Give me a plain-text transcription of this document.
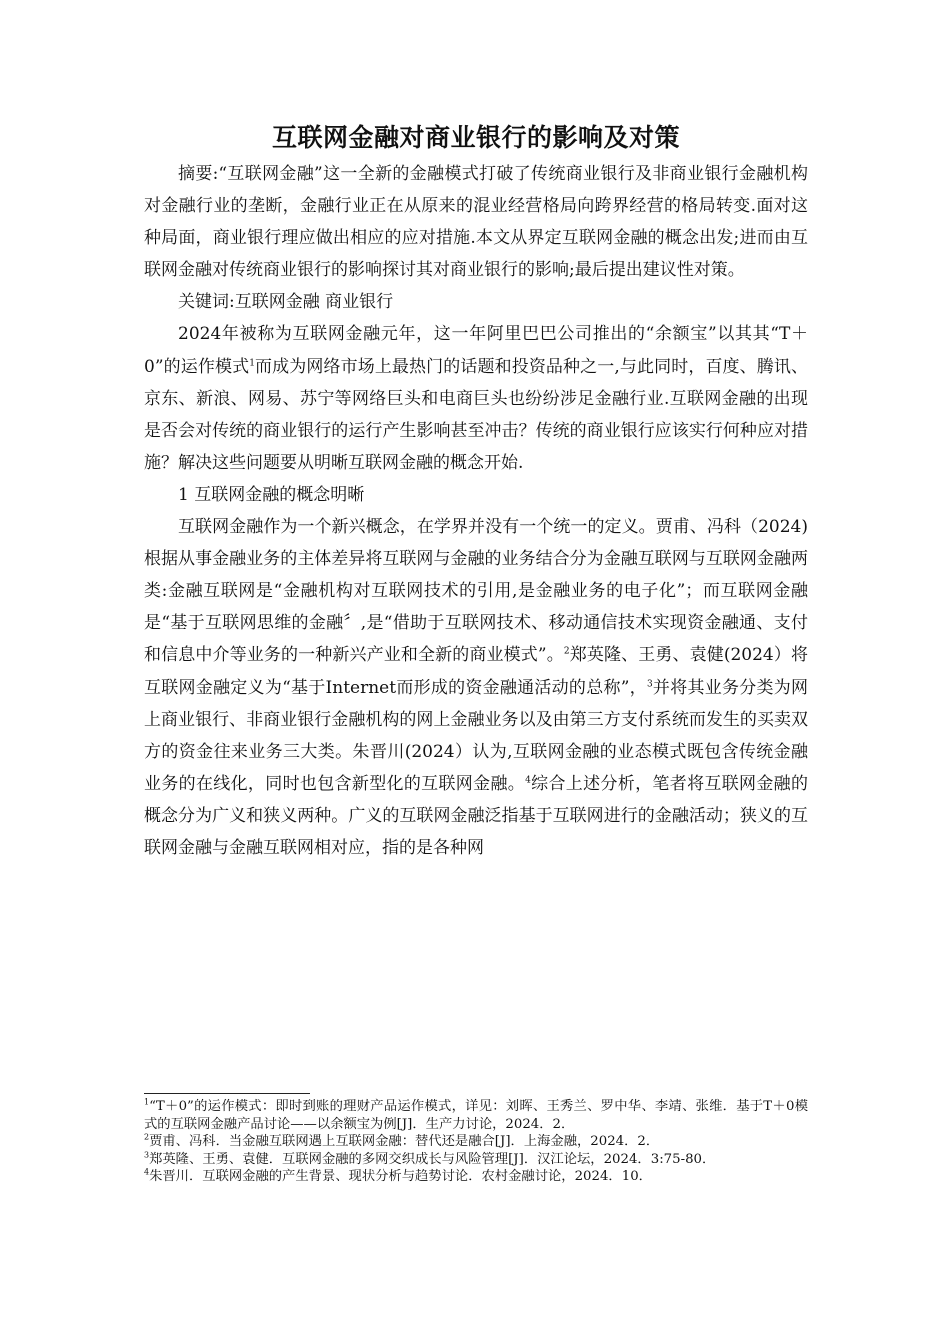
互联网金融对商业银行的影响及对策

摘要:“互联网金融”这一全新的金融模式打破了传统商业银行及非商业银行金融机构对金融行业的垄断，金融行业正在从原来的混业经营格局向跨界经营的格局转变.面对这种局面，商业银行理应做出相应的应对措施.本文从界定互联网金融的概念出发;进而由互联网金融对传统商业银行的影响探讨其对商业银行的影响;最后提出建议性对策。

关键词:互联网金融 商业银行

2024年被称为互联网金融元年，这一年阿里巴巴公司推出的“余额宝”以其其“T＋0”的运作模式$^1$而成为网络市场上最热门的话题和投资品种之一,与此同时，百度、腾讯、京东、新浪、网易、苏宁等网络巨头和电商巨头也纷纷涉足金融行业.互联网金融的出现是否会对传统的商业银行的运行产生影响甚至冲击？传统的商业银行应该实行何种应对措施？解决这些问题要从明晰互联网金融的概念开始.

1 互联网金融的概念明晰

互联网金融作为一个新兴概念，在学界并没有一个统一的定义。贾甫、冯科（2024)根据从事金融业务的主体差异将互联网与金融的业务结合分为金融互联网与互联网金融两类:金融互联网是“金融机构对互联网技术的引用,是金融业务的电子化”；而互联网金融是“基于互联网思维的金融〞,是“借助于互联网技术、移动通信技术实现资金融通、支付和信息中介等业务的一种新兴产业和全新的商业模式”。$^2$郑英隆、王勇、袁健(2024）将互联网金融定义为“基于Internet而形成的资金融通活动的总称”，$^3$并将其业务分类为网上商业银行、非商业银行金融机构的网上金融业务以及由第三方支付系统而发生的买卖双方的资金往来业务三大类。朱晋川(2024）认为,互联网金融的业态模式既包含传统金融业务的在线化，同时也包含新型化的互联网金融。$^4$综合上述分析，笔者将互联网金融的概念分为广义和狭义两种。广义的互联网金融泛指基于互联网进行的金融活动；狭义的互联网金融与金融互联网相对应，指的是各种网

$^1$“T＋0”的运作模式：即时到账的理财产品运作模式，详见：刘晖、王秀兰、罗中华、李靖、张维．基于T＋0模式的互联网金融产品讨论——以余额宝为例[J]．生产力讨论，2024．2．

$^2$贾甫、冯科．当金融互联网遇上互联网金融：替代还是融合[J]．上海金融，2024．2．

$^3$郑英隆、王勇、袁健．互联网金融的多网交织成长与风险管理[J]．汉江论坛，2024．3:75-80．

$^4$朱晋川．互联网金融的产生背景、现状分析与趋势讨论．农村金融讨论，2024．10．
